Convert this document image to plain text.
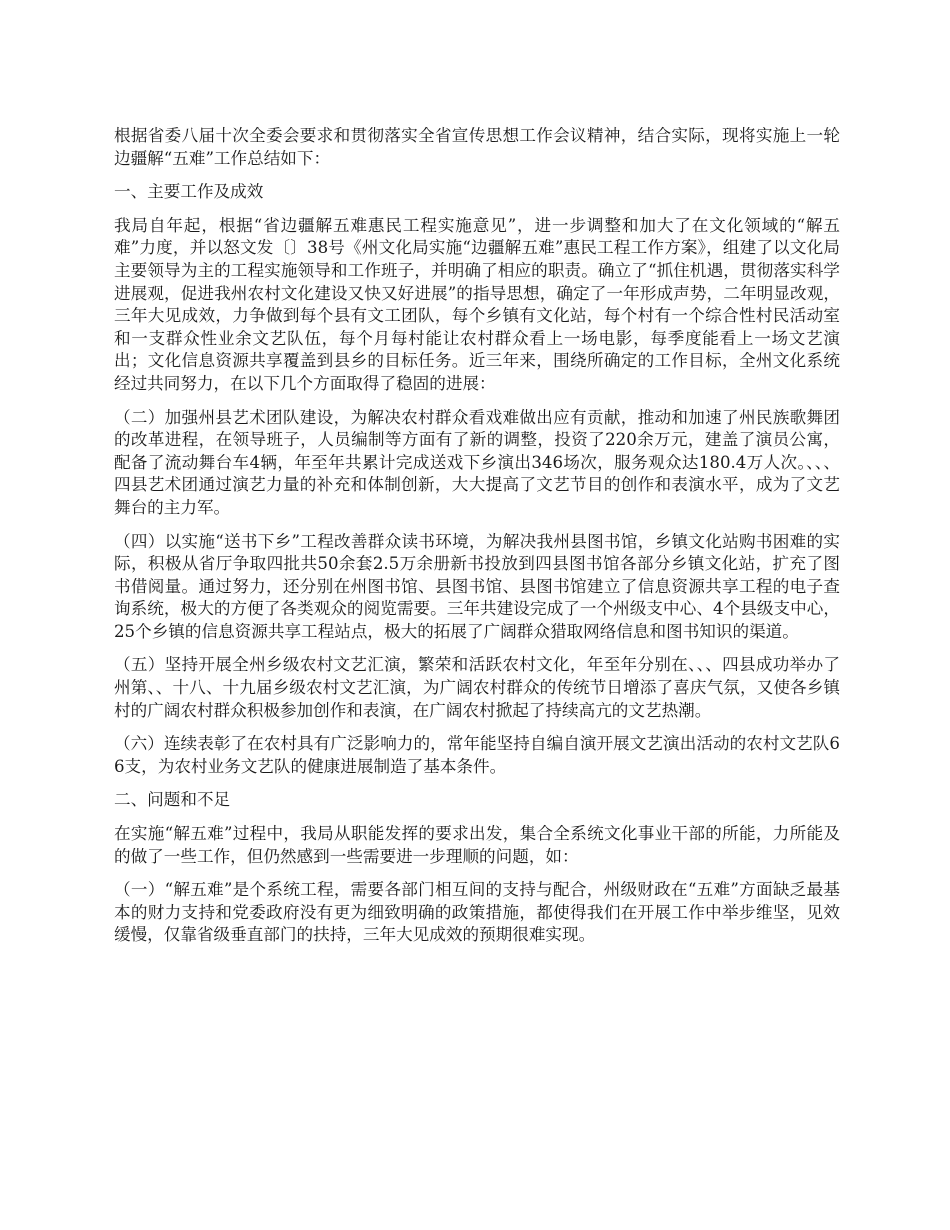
根据省委八届十次全委会要求和贯彻落实全省宣传思想工作会议精神，结合实际，现将实施上一轮边疆解“五难”工作总结如下：

一、主要工作及成效

我局自年起，根据“省边疆解五难惠民工程实施意见”，进一步调整和加大了在文化领域的“解五难”力度，并以怒文发〔〕38号《州文化局实施“边疆解五难”惠民工程工作方案》，组建了以文化局主要领导为主的工程实施领导和工作班子，并明确了相应的职责。确立了“抓住机遇，贯彻落实科学进展观，促进我州农村文化建设又快又好进展”的指导思想，确定了一年形成声势，二年明显改观，三年大见成效，力争做到每个县有文工团队，每个乡镇有文化站，每个村有一个综合性村民活动室和一支群众性业余文艺队伍，每个月每村能让农村群众看上一场电影，每季度能看上一场文艺演出；文化信息资源共享覆盖到县乡的目标任务。近三年来，围绕所确定的工作目标，全州文化系统经过共同努力，在以下几个方面取得了稳固的进展：

（二）加强州县艺术团队建设，为解决农村群众看戏难做出应有贡献，推动和加速了州民族歌舞团的改革进程，在领导班子，人员编制等方面有了新的调整，投资了220余万元，建盖了演员公寓，配备了流动舞台车4辆，年至年共累计完成送戏下乡演出346场次，服务观众达180.4万人次。、、、四县艺术团通过演艺力量的补充和体制创新，大大提高了文艺节目的创作和表演水平，成为了文艺舞台的主力军。

（四）以实施“送书下乡”工程改善群众读书环境，为解决我州县图书馆，乡镇文化站购书困难的实际，积极从省厅争取四批共50余套2.5万余册新书投放到四县图书馆各部分乡镇文化站，扩充了图书借阅量。通过努力，还分别在州图书馆、县图书馆、县图书馆建立了信息资源共享工程的电子查询系统，极大的方便了各类观众的阅览需要。三年共建设完成了一个州级支中心、4个县级支中心，25个乡镇的信息资源共享工程站点，极大的拓展了广阔群众猎取网络信息和图书知识的渠道。

（五）坚持开展全州乡级农村文艺汇演，繁荣和活跃农村文化，年至年分别在、、、四县成功举办了州第、、十八、十九届乡级农村文艺汇演，为广阔农村群众的传统节日增添了喜庆气氛，又使各乡镇村的广阔农村群众积极参加创作和表演，在广阔农村掀起了持续高亢的文艺热潮。

（六）连续表彰了在农村具有广泛影响力的，常年能坚持自编自演开展文艺演出活动的农村文艺队66支，为农村业务文艺队的健康进展制造了基本条件。

二、问题和不足

在实施“解五难”过程中，我局从职能发挥的要求出发，集合全系统文化事业干部的所能，力所能及的做了一些工作，但仍然感到一些需要进一步理顺的问题，如：

（一）“解五难”是个系统工程，需要各部门相互间的支持与配合，州级财政在“五难”方面缺乏最基本的财力支持和党委政府没有更为细致明确的政策措施，都使得我们在开展工作中举步维坚，见效缓慢，仅靠省级垂直部门的扶持，三年大见成效的预期很难实现。
